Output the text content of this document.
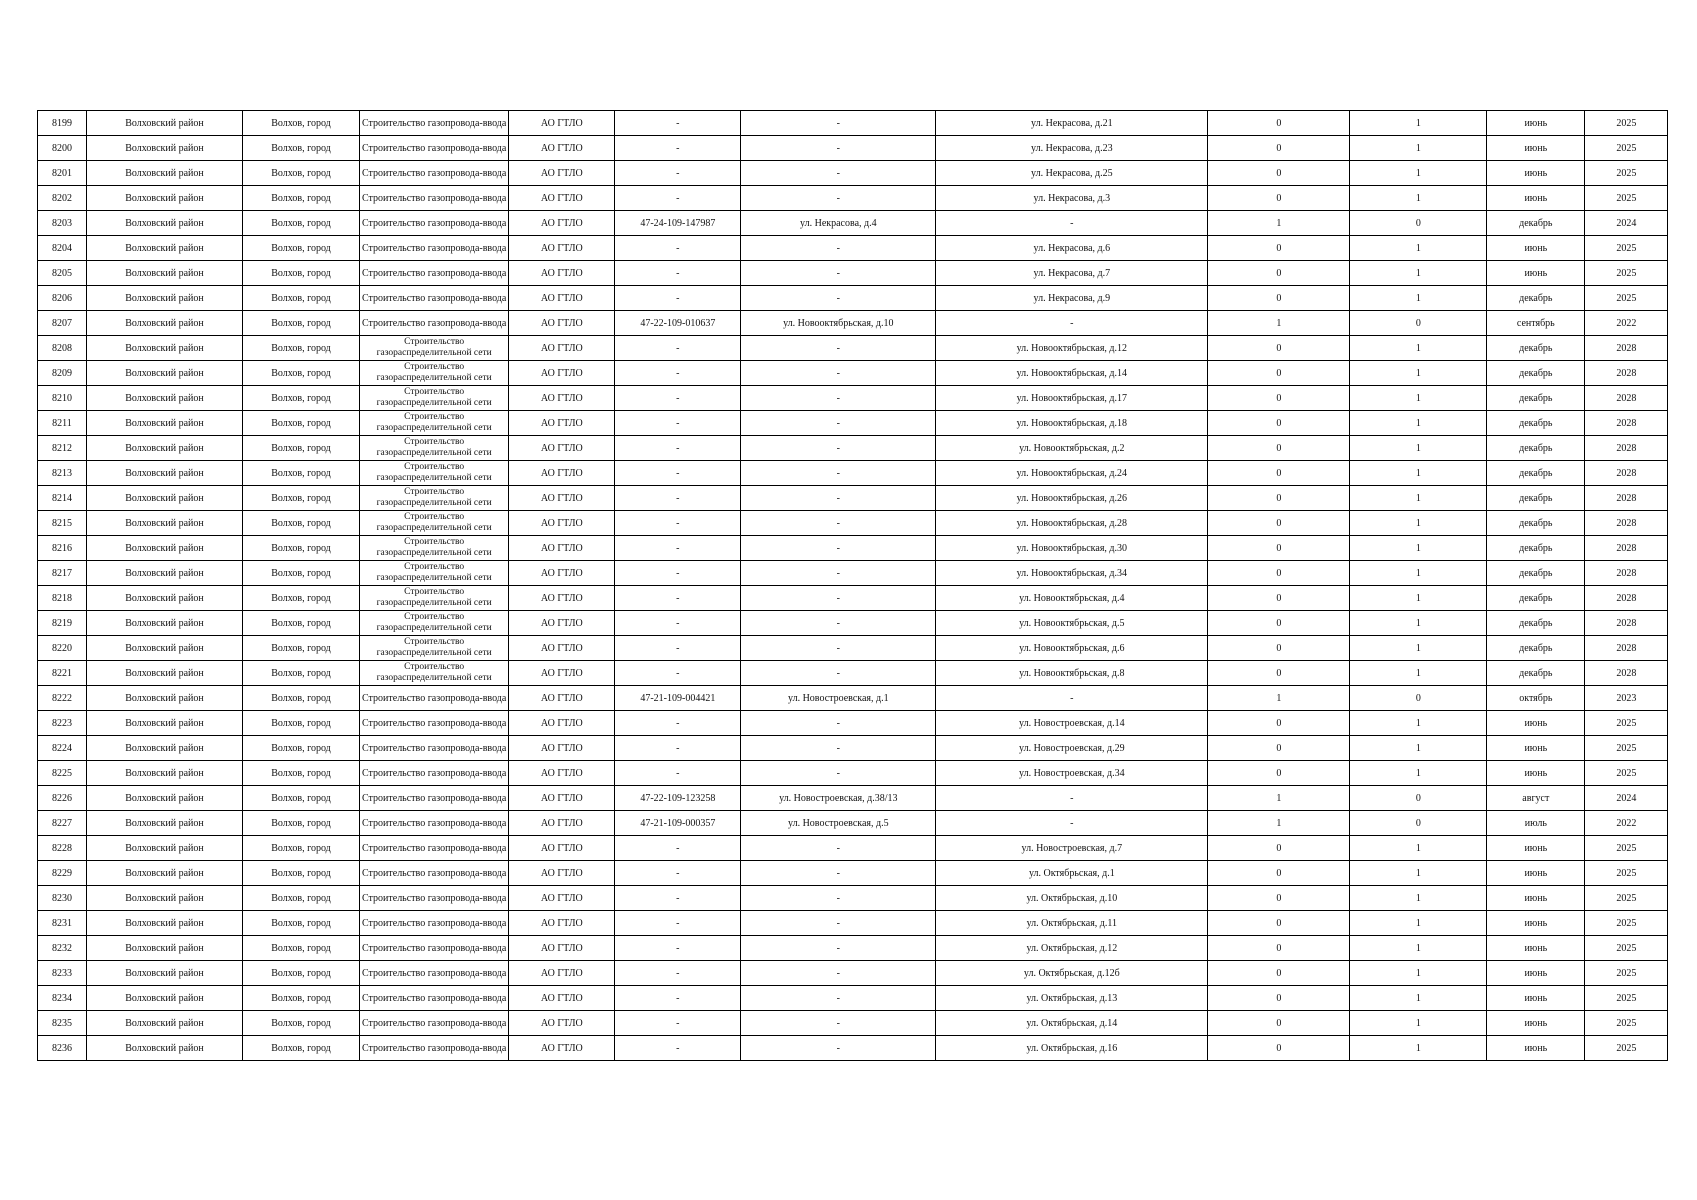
8199	Волховский район	Волхов, город	Строительство газопровода-ввода	АО ГТЛО	-	-	ул. Некрасова, д.21	0	1	июнь	2025
8200	Волховский район	Волхов, город	Строительство газопровода-ввода	АО ГТЛО	-	-	ул. Некрасова, д.23	0	1	июнь	2025
8201	Волховский район	Волхов, город	Строительство газопровода-ввода	АО ГТЛО	-	-	ул. Некрасова, д.25	0	1	июнь	2025
8202	Волховский район	Волхов, город	Строительство газопровода-ввода	АО ГТЛО	-	-	ул. Некрасова, д.3	0	1	июнь	2025
8203	Волховский район	Волхов, город	Строительство газопровода-ввода	АО ГТЛО	47-24-109-147987	ул. Некрасова, д.4	-	1	0	декабрь	2024
8204	Волховский район	Волхов, город	Строительство газопровода-ввода	АО ГТЛО	-	-	ул. Некрасова, д.6	0	1	июнь	2025
8205	Волховский район	Волхов, город	Строительство газопровода-ввода	АО ГТЛО	-	-	ул. Некрасова, д.7	0	1	июнь	2025
8206	Волховский район	Волхов, город	Строительство газопровода-ввода	АО ГТЛО	-	-	ул. Некрасова, д.9	0	1	декабрь	2025
8207	Волховский район	Волхов, город	Строительство газопровода-ввода	АО ГТЛО	47-22-109-010637	ул. Новооктябрьская, д.10	-	1	0	сентябрь	2022
8208	Волховский район	Волхов, город	Строительство газораспределительной сети	АО ГТЛО	-	-	ул. Новооктябрьская, д.12	0	1	декабрь	2028
8209	Волховский район	Волхов, город	Строительство газораспределительной сети	АО ГТЛО	-	-	ул. Новооктябрьская, д.14	0	1	декабрь	2028
8210	Волховский район	Волхов, город	Строительство газораспределительной сети	АО ГТЛО	-	-	ул. Новооктябрьская, д.17	0	1	декабрь	2028
8211	Волховский район	Волхов, город	Строительство газораспределительной сети	АО ГТЛО	-	-	ул. Новооктябрьская, д.18	0	1	декабрь	2028
8212	Волховский район	Волхов, город	Строительство газораспределительной сети	АО ГТЛО	-	-	ул. Новооктябрьская, д.2	0	1	декабрь	2028
8213	Волховский район	Волхов, город	Строительство газораспределительной сети	АО ГТЛО	-	-	ул. Новооктябрьская, д.24	0	1	декабрь	2028
8214	Волховский район	Волхов, город	Строительство газораспределительной сети	АО ГТЛО	-	-	ул. Новооктябрьская, д.26	0	1	декабрь	2028
8215	Волховский район	Волхов, город	Строительство газораспределительной сети	АО ГТЛО	-	-	ул. Новооктябрьская, д.28	0	1	декабрь	2028
8216	Волховский район	Волхов, город	Строительство газораспределительной сети	АО ГТЛО	-	-	ул. Новооктябрьская, д.30	0	1	декабрь	2028
8217	Волховский район	Волхов, город	Строительство газораспределительной сети	АО ГТЛО	-	-	ул. Новооктябрьская, д.34	0	1	декабрь	2028
8218	Волховский район	Волхов, город	Строительство газораспределительной сети	АО ГТЛО	-	-	ул. Новооктябрьская, д.4	0	1	декабрь	2028
8219	Волховский район	Волхов, город	Строительство газораспределительной сети	АО ГТЛО	-	-	ул. Новооктябрьская, д.5	0	1	декабрь	2028
8220	Волховский район	Волхов, город	Строительство газораспределительной сети	АО ГТЛО	-	-	ул. Новооктябрьская, д.6	0	1	декабрь	2028
8221	Волховский район	Волхов, город	Строительство газораспределительной сети	АО ГТЛО	-	-	ул. Новооктябрьская, д.8	0	1	декабрь	2028
8222	Волховский район	Волхов, город	Строительство газопровода-ввода	АО ГТЛО	47-21-109-004421	ул. Новостроевская, д.1	-	1	0	октябрь	2023
8223	Волховский район	Волхов, город	Строительство газопровода-ввода	АО ГТЛО	-	-	ул. Новостроевская, д.14	0	1	июнь	2025
8224	Волховский район	Волхов, город	Строительство газопровода-ввода	АО ГТЛО	-	-	ул. Новостроевская, д.29	0	1	июнь	2025
8225	Волховский район	Волхов, город	Строительство газопровода-ввода	АО ГТЛО	-	-	ул. Новостроевская, д.34	0	1	июнь	2025
8226	Волховский район	Волхов, город	Строительство газопровода-ввода	АО ГТЛО	47-22-109-123258	ул. Новостроевская, д.38/13	-	1	0	август	2024
8227	Волховский район	Волхов, город	Строительство газопровода-ввода	АО ГТЛО	47-21-109-000357	ул. Новостроевская, д.5	-	1	0	июль	2022
8228	Волховский район	Волхов, город	Строительство газопровода-ввода	АО ГТЛО	-	-	ул. Новостроевская, д.7	0	1	июнь	2025
8229	Волховский район	Волхов, город	Строительство газопровода-ввода	АО ГТЛО	-	-	ул. Октябрьская, д.1	0	1	июнь	2025
8230	Волховский район	Волхов, город	Строительство газопровода-ввода	АО ГТЛО	-	-	ул. Октябрьская, д.10	0	1	июнь	2025
8231	Волховский район	Волхов, город	Строительство газопровода-ввода	АО ГТЛО	-	-	ул. Октябрьская, д.11	0	1	июнь	2025
8232	Волховский район	Волхов, город	Строительство газопровода-ввода	АО ГТЛО	-	-	ул. Октябрьская, д.12	0	1	июнь	2025
8233	Волховский район	Волхов, город	Строительство газопровода-ввода	АО ГТЛО	-	-	ул. Октябрьская, д.12б	0	1	июнь	2025
8234	Волховский район	Волхов, город	Строительство газопровода-ввода	АО ГТЛО	-	-	ул. Октябрьская, д.13	0	1	июнь	2025
8235	Волховский район	Волхов, город	Строительство газопровода-ввода	АО ГТЛО	-	-	ул. Октябрьская, д.14	0	1	июнь	2025
8236	Волховский район	Волхов, город	Строительство газопровода-ввода	АО ГТЛО	-	-	ул. Октябрьская, д.16	0	1	июнь	2025
